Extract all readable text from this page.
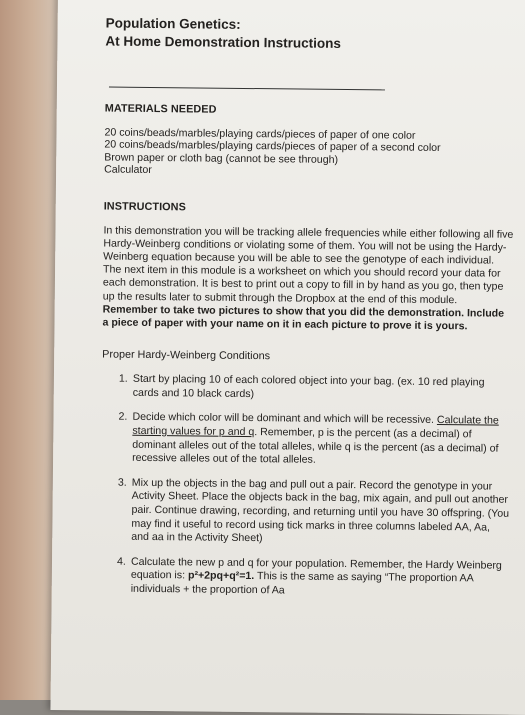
Population Genetics:

At Home Demonstration Instructions

MATERIALS NEEDED
20 coins/beads/marbles/playing cards/pieces of paper of one color
20 coins/beads/marbles/playing cards/pieces of paper of a second color
Brown paper or cloth bag (cannot be see through)
Calculator
INSTRUCTIONS

In this demonstration you will be tracking allele frequencies while either following all five Hardy-Weinberg conditions or violating some of them. You will not be using the Hardy-Weinberg equation because you will be able to see the genotype of each individual. The next item in this module is a worksheet on which you should record your data for each demonstration. It is best to print out a copy to fill in by hand as you go, then type up the results later to submit through the Dropbox at the end of this module. Remember to take two pictures to show that you did the demonstration. Include a piece of paper with your name on it in each picture to prove it is yours.

Proper Hardy-Weinberg Conditions
1. Start by placing 10 of each colored object into your bag. (ex. 10 red playing cards and 10 black cards)
2. Decide which color will be dominant and which will be recessive. Calculate the starting values for p and q. Remember, p is the percent (as a decimal) of dominant alleles out of the total alleles, while q is the percent (as a decimal) of recessive alleles out of the total alleles.
3. Mix up the objects in the bag and pull out a pair. Record the genotype in your Activity Sheet. Place the objects back in the bag, mix again, and pull out another pair. Continue drawing, recording, and returning until you have 30 offspring. (You may find it useful to record using tick marks in three columns labeled AA, Aa, and aa in the Activity Sheet)
4. Calculate the new p and q for your population. Remember, the Hardy Weinberg equation is: p²+2pq+q²=1. This is the same as saying “The proportion AA individuals + the proportion of Aa
